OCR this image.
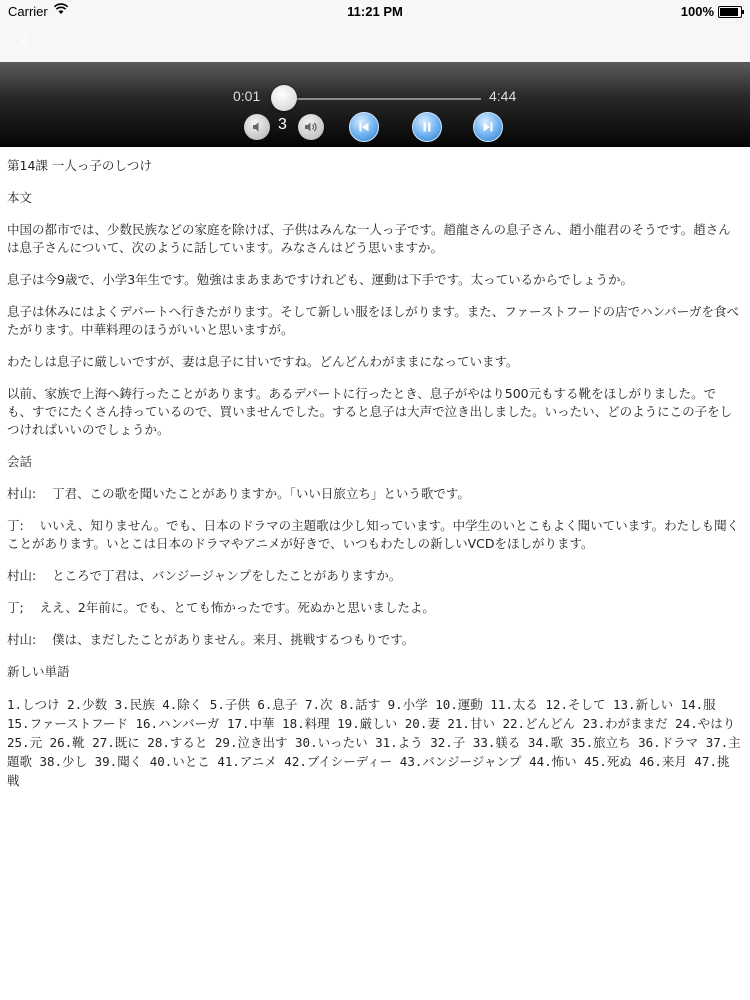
Carrier	11:21 PM	100%
‹
0:01	4:44
3

第14課 一人っ子のしつけ

本文

中国の都市では、少数民族などの家庭を除けば、子供はみんな一人っ子です。趙龍さんの息子さん、趙小龍君のそうです。趙さんは息子さんについて、次のように話しています。みなさんはどう思いますか。

息子は今9歳で、小学3年生です。勉強はまあまあですけれども、運動は下手です。太っているからでしょうか。

息子は休みにはよくデパートへ行きたがります。そして新しい服をほしがります。また、ファーストフードの店でハンバーガを食べたがります。中華料理のほうがいいと思いますが。

わたしは息子に厳しいですが、妻は息子に甘いですね。どんどんわがままになっています。

以前、家族で上海へ鋳行ったことがあります。あるデパートに行ったとき、息子がやはり500元もする靴をほしがりました。でも、すでにたくさん持っているので、買いませんでした。すると息子は大声で泣き出しました。いったい、どのようにこの子をしつければいいのでしょうか。

会話

村山: 丁君、この歌を聞いたことがありますか。「いい日旅立ち」という歌です。

丁: いいえ、知りません。でも、日本のドラマの主題歌は少し知っています。中学生のいとこもよく聞いています。わたしも聞くことがあります。いとこは日本のドラマやアニメが好きで、いつもわたしの新しいVCDをほしがります。

村山: ところで丁君は、バンジージャンプをしたことがありますか。

丁; ええ、2年前に。でも、とても怖かったです。死ぬかと思いましたよ。

村山: 僕は、まだしたことがありません。来月、挑戦するつもりです。

新しい単語

1.しつけ 2.少数 3.民族 4.除く 5.子供 6.息子 7.次 8.話す 9.小学 10.運動 11.太る 12.そして 13.新しい 14.服 15.ファーストフード 16.ハンバーガ 17.中華 18.料理 19.厳しい 20.妻 21.甘い 22.どんどん 23.わがままだ 24.やはり 25.元 26.靴 27.既に 28.すると 29.泣き出す 30.いったい 31.よう 32.子 33.躾る 34.歌 35.旅立ち 36.ドラマ 37.主題歌 38.少し 39.聞く 40.いとこ 41.アニメ 42.ブイシーディー 43.バンジージャンプ 44.怖い 45.死ぬ 46.来月 47.挑戦
